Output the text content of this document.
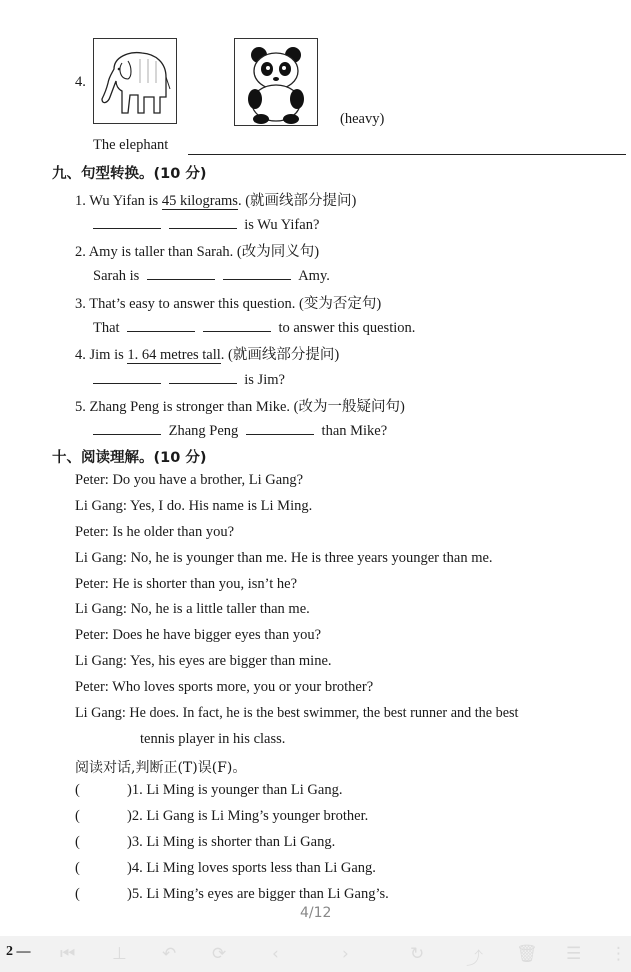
4.
(heavy)
The elephant
九、句型转换。(10 分)
1. Wu Yifan is 45 kilograms. (就画线部分提问)
is Wu Yifan?
2. Amy is taller than Sarah. (改为同义句)
Sarah is	Amy.
3. That’s easy to answer this question. (变为否定句)
That	to answer this question.
4. Jim is 1. 64 metres tall. (就画线部分提问)
is Jim?
5. Zhang Peng is stronger than Mike. (改为一般疑问句)
Zhang Peng	than Mike?
十、阅读理解。(10 分)
Peter: Do you have a brother, Li Gang?
Li Gang: Yes, I do. His name is Li Ming.
Peter: Is he older than you?
Li Gang: No, he is younger than me. He is three years younger than me.
Peter: He is shorter than you, isn’t he?
Li Gang: No, he is a little taller than me.
Peter: Does he have bigger eyes than you?
Li Gang: Yes, his eyes are bigger than mine.
Peter: Who loves sports more, you or your brother?
Li Gang: He does. In fact, he is the best swimmer, the best runner and the best
tennis player in his class.
阅读对话,判断正(T)误(F)。
(	)1. Li Ming is younger than Li Gang.
(	)2. Li Gang is Li Ming’s younger brother.
(	)3. Li Ming is shorter than Li Gang.
(	)4. Li Ming loves sports less than Li Gang.
(	)5. Li Ming’s eyes are bigger than Li Gang’s.
4/12
2 — ⏮ ⊥ ↶ ⟳	‹	›	↻ ⤴ 🗑 ☰ ⋮
